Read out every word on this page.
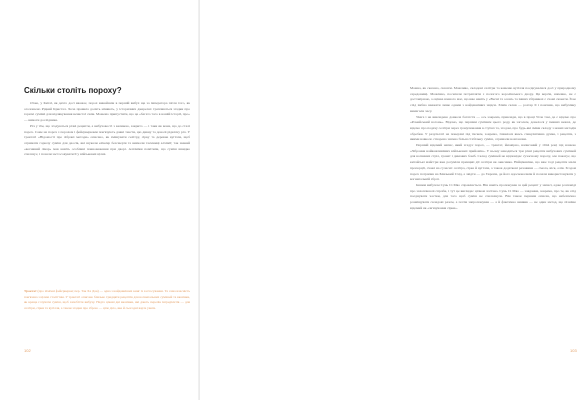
Скільки століть пороху?

Отже, у Китаї, як дехто досі вважає, порох винайшли в першій вибух ще за імператора після того, як оголошено Рідкий Кристал. Хоча правила досить міняють, у історичних джерелах трапляються згадки про горючі суміші для відлякування нечистої сили. Можемо припустити, що це «багато того в нашій історії, про» — вимоги дослідника.

Річ у тім, що згадуються різні рецепти, а вибуховості з великою, закрито — і таки як вони, що до сталі порох. Саме на порох з порохом і фейєрверками пов'язують давні тексти, цю дивну та доволі рідкісну річ. У трактаті «Відомості про зібрані методи» описано, як змішувати селітру, сірку та деревне вугілля, щоб отримати горючу суміш для даосів, які шукали еліксир безсмертя та вивчали таємниці алхімії; так званий «вогняний лікар» мав навіть особливі повноваження при дворі. Алхіміки помітили, що суміш швидко спалахує, і почали застосовувати її у військових цілях.

Трактат (про хімічні фейєрверки; пер. Так Ха Дан) — одна з найдавніших книг із застосування. Та сама власність пов'язана з цілим століттям. У трактаті описано близько тридцяти рецептів для вогнепальних сумішей та вказівки, як краще готувати суміш, щоб запобігти вибуху. Надто цікаві дві вказівки, які дають перелік інгредієнтів — для селітри, сірки та вугілля, а також згадки про зброю — ціле діло, яке й сьогодні варте уваги.

102

Можна, як сказано, сказати. Можливо, складові селітри та каменю вугілля поєднувалися досі у природному середовищі. Можливо, посилали потрапляти з пологого королівського двору. Ця версія, напевно, не є достовірною, а оцінка вченого має, що вже навіть у «Весні та осені» та інших збірниках є схожі сюжети. Її не слід хибно вважати лише одним з найдавніших звідси. Хімік склав — розтер її і пояснив, що вибухівку вимагали часу.

Увага і не викладено довкола багатств — ось зокрема, приклади, що в праці Усов там, де є відомо про «Ромейський вогонь». Відомо, що першим сумішам цього роду, як загалом, довелося у певних вежах, де відомо про подачу селітри через гранулювання в ступах та, згодом, про будь-які зміни складу з нових методів обробки. У результаті на поверхні під тиском, зокрема, з'явилася якась спекулятивна думка, і рецепти, з якими навколо створено значно більш стабільну суміш, отримали нові назви.

Перший відомий напис, який згадує порох, — трактат, ймовірно, написаний у 1044 році під назвою «Зібрання найважливіших військових прийомів». У ньому наводяться три різні рецепти вибухових сумішей для вогняних стріл, гранат і димових бомб. Склад сумішей не відповідає сучасному пороху, але показує, що китайські майстри вже розуміли принцип дії селітри як окисника. Найцікавіше, що вже тоді рецепти мали пропорції, схожі на сучасні: селітра, сірка й вугілля, а також додаткові речовини — смола, віск, олія. Згодом порох потрапив на Близький Схід, а звідти — до Європи, де його вдосконалили й почали використовувати у вогнепальній зброї.

Іншим вибухом Сунь Сі Мяо справляється. Він навіть пропонував за цей рецепт у записі, адже розповіді про захоплюючі спроби, і тут це виглядає цілком логічно. Сунь Сі Мяо — завдання, зокрема, про те, як слід поєднувати частки, для того щоб суміш не спалахнула. Він також першим описав, що небезпечно розміщувати складові разом, а потім запропонував — а й фактично виявив — не один метод, що пізніше відомий як «зв'язування сірки».

103
